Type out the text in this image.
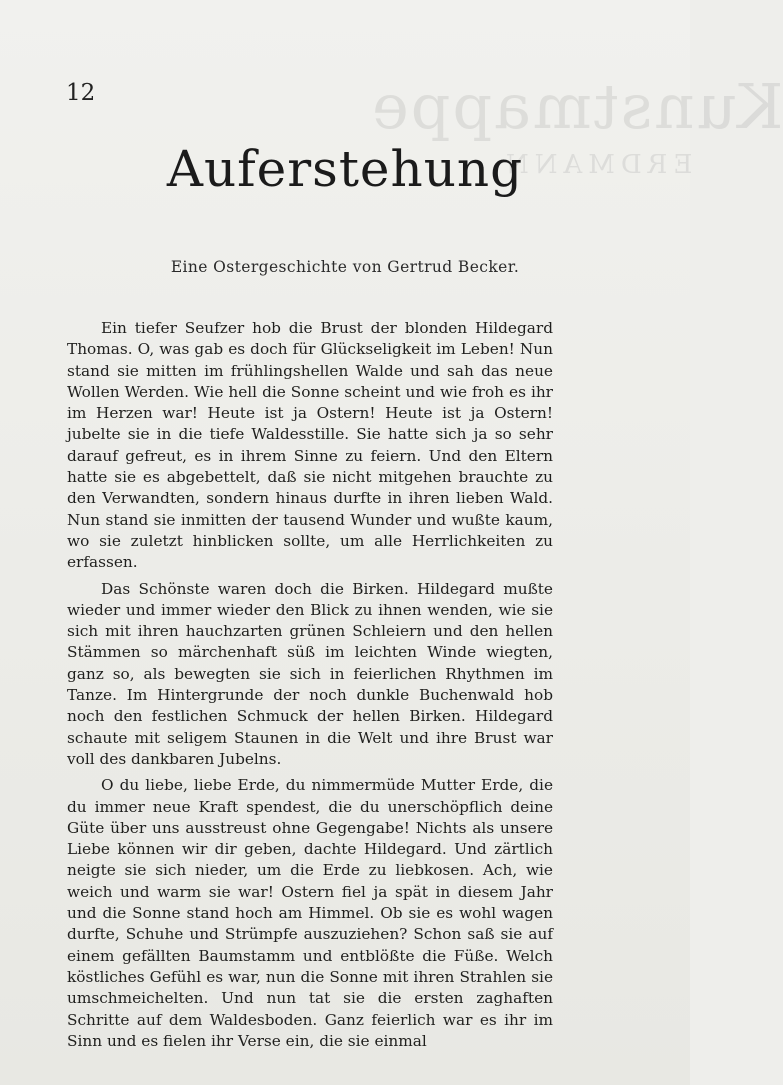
Kunstmappe
ERDMANN
12
Auferstehung
Eine Ostergeschichte von Gertrud Becker.

Ein tiefer Seufzer hob die Brust der blonden Hildegard Thomas. O, was gab es doch für Glückseligkeit im Leben! Nun stand sie mitten im frühlingshellen Walde und sah das neue Wollen Werden. Wie hell die Sonne scheint und wie froh es ihr im Herzen war! Heute ist ja Ostern! Heute ist ja Ostern! jubelte sie in die tiefe Waldesstille. Sie hatte sich ja so sehr darauf gefreut, es in ihrem Sinne zu feiern. Und den Eltern hatte sie es abgebettelt, daß sie nicht mitgehen brauchte zu den Verwandten, sondern hinaus durfte in ihren lieben Wald. Nun stand sie inmitten der tausend Wunder und wußte kaum, wo sie zuletzt hinblicken sollte, um alle Herrlichkeiten zu erfassen.

Das Schönste waren doch die Birken. Hildegard mußte wieder und immer wieder den Blick zu ihnen wenden, wie sie sich mit ihren hauchzarten grünen Schleiern und den hellen Stämmen so märchenhaft süß im leichten Winde wiegten, ganz so, als bewegten sie sich in feierlichen Rhythmen im Tanze. Im Hintergrunde der noch dunkle Buchenwald hob noch den festlichen Schmuck der hellen Birken. Hildegard schaute mit seligem Staunen in die Welt und ihre Brust war voll des dankbaren Jubelns.

O du liebe, liebe Erde, du nimmermüde Mutter Erde, die du immer neue Kraft spendest, die du unerschöpflich deine Güte über uns ausstreust ohne Gegengabe! Nichts als unsere Liebe können wir dir geben, dachte Hildegard. Und zärtlich neigte sie sich nieder, um die Erde zu liebkosen. Ach, wie weich und warm sie war! Ostern fiel ja spät in diesem Jahr und die Sonne stand hoch am Himmel. Ob sie es wohl wagen durfte, Schuhe und Strümpfe auszuziehen? Schon saß sie auf einem gefällten Baumstamm und entblößte die Füße. Welch köstliches Gefühl es war, nun die Sonne mit ihren Strahlen sie umschmeichelten. Und nun tat sie die ersten zaghaften Schritte auf dem Waldesboden. Ganz feierlich war es ihr im Sinn und es fielen ihr Verse ein, die sie einmal
